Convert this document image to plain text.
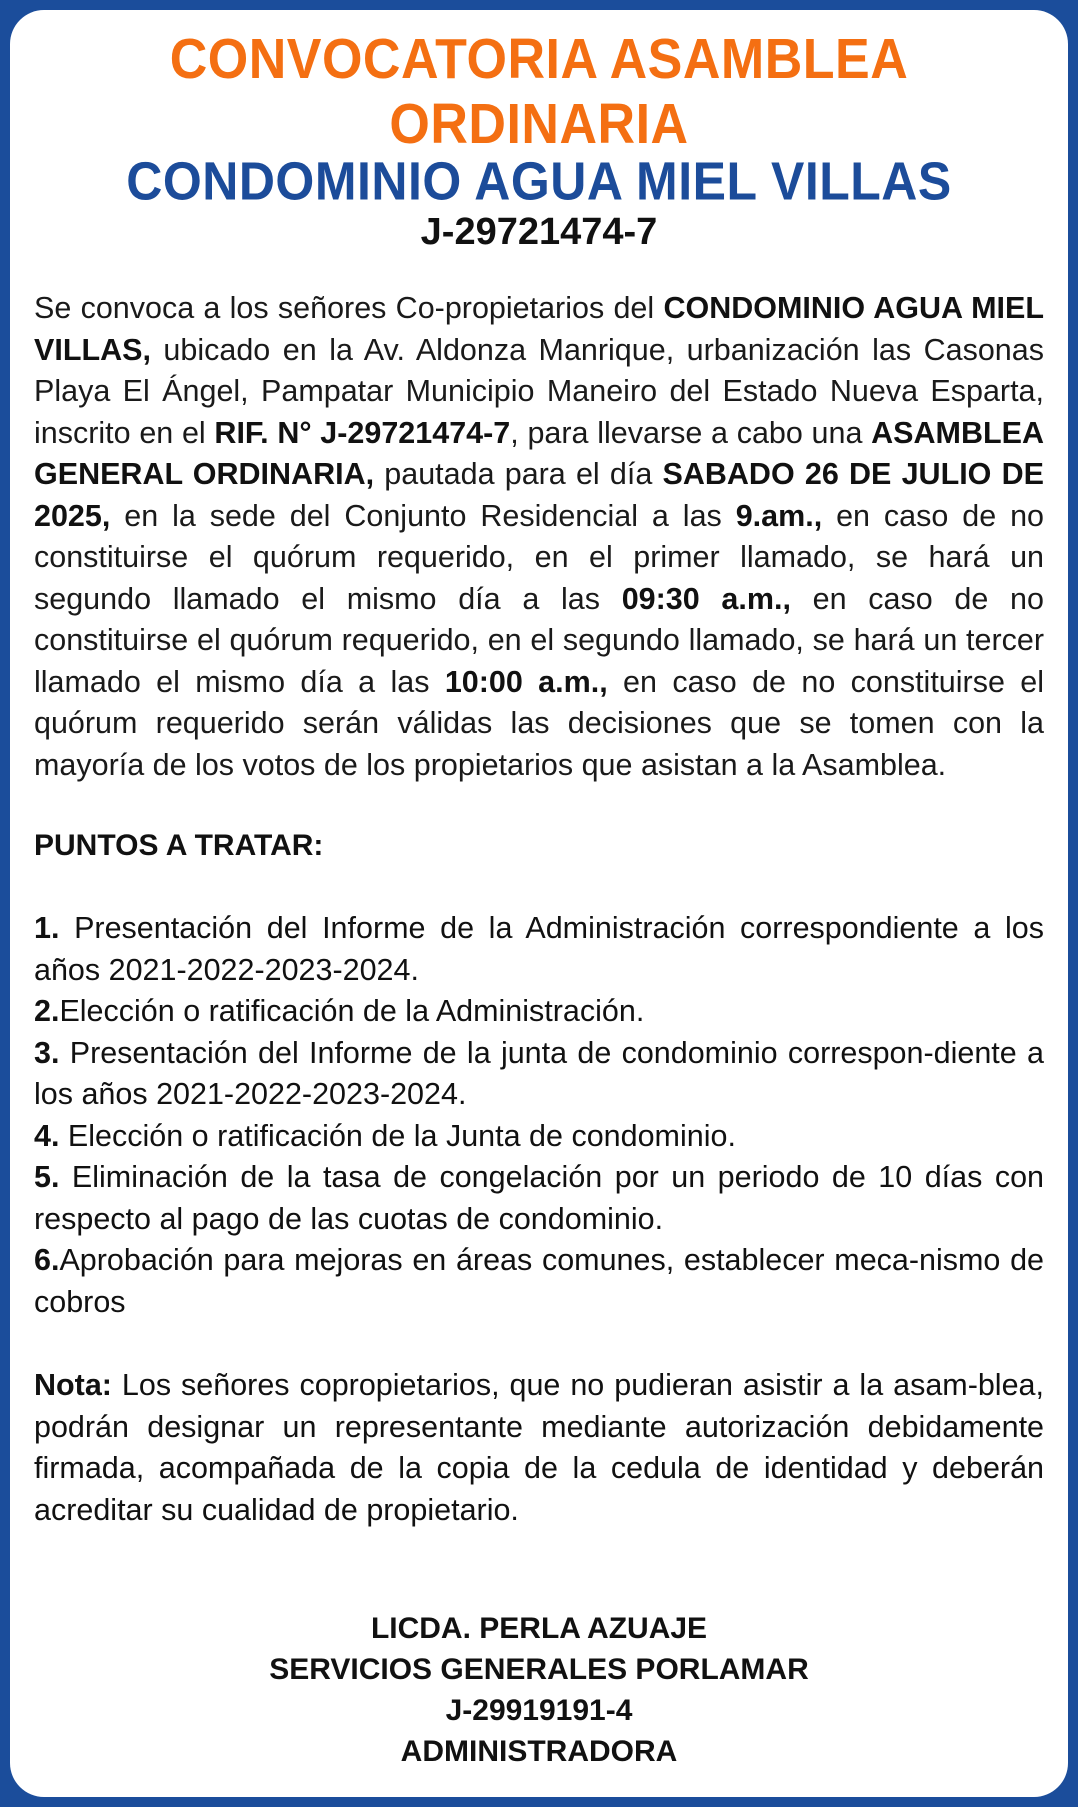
CONVOCATORIA ASAMBLEA ORDINARIA
CONDOMINIO AGUA MIEL VILLAS
J-29721474-7
Se convoca a los señores Co-propietarios del CONDOMINIO AGUA MIEL VILLAS, ubicado en la Av. Aldonza Manrique, urbanización las Casonas Playa El Ángel, Pampatar Municipio Maneiro del Estado Nueva Esparta, inscrito en el RIF. N° J-29721474-7, para llevarse a cabo una ASAMBLEA GENERAL ORDINARIA, pautada para el día SABADO 26 DE JULIO DE 2025, en la sede del Conjunto Residencial a las 9.am., en caso de no constituirse el quórum requerido, en el primer llamado, se hará un segundo llamado el mismo día a las 09:30 a.m., en caso de no constituirse el quórum requerido, en el segundo llamado, se hará un tercer llamado el mismo día a las 10:00 a.m., en caso de no constituirse el quórum requerido serán válidas las decisiones que se tomen con la mayoría de los votos de los propietarios que asistan a la Asamblea.
PUNTOS A TRATAR:
1. Presentación del Informe de la Administración correspondiente a los años 2021-2022-2023-2024.
2.Elección o ratificación de la Administración.
3. Presentación del Informe de la junta de condominio correspon-diente a los años 2021-2022-2023-2024.
4. Elección o ratificación de la Junta de condominio.
5. Eliminación de la tasa de congelación por un periodo de 10 días con respecto al pago de las cuotas de condominio.
6.Aprobación para mejoras en áreas comunes, establecer meca-nismo de cobros
Nota: Los señores copropietarios, que no pudieran asistir a la asam-blea, podrán designar un representante mediante autorización debidamente firmada, acompañada de la copia de la cedula de identidad y deberán acreditar su cualidad de propietario.
LICDA. PERLA AZUAJE
SERVICIOS GENERALES PORLAMAR
J-29919191-4
ADMINISTRADORA
